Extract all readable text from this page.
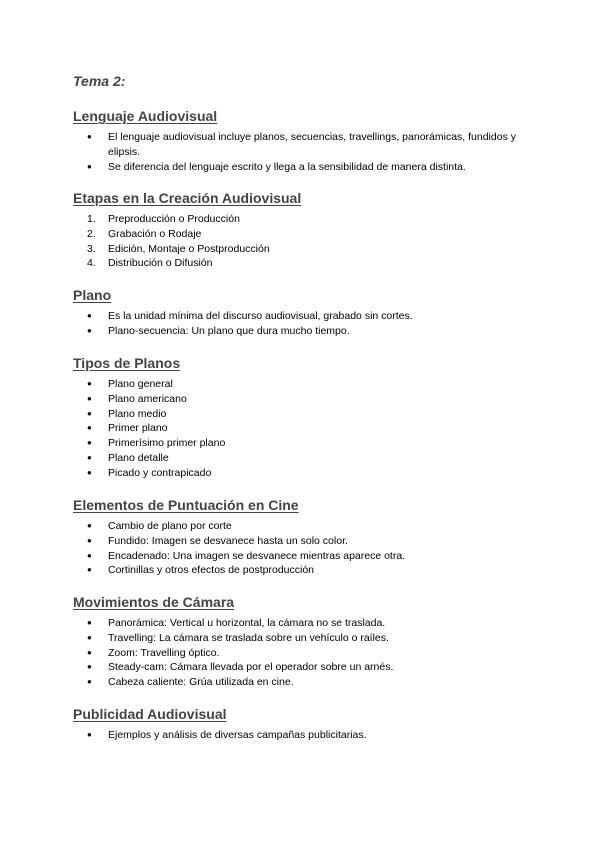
Tema 2:

Lenguaje Audiovisual
● El lenguaje audiovisual incluye planos, secuencias, travellings, panorámicas, fundidos y elipsis.
● Se diferencia del lenguaje escrito y llega a la sensibilidad de manera distinta.
Etapas en la Creación Audiovisual
1. Preproducción o Producción
2. Grabación o Rodaje
3. Edición, Montaje o Postproducción
4. Distribución o Difusión
Plano
● Es la unidad mínima del discurso audiovisual, grabado sin cortes.
● Plano-secuencia: Un plano que dura mucho tiempo.
Tipos de Planos
● Plano general
● Plano americano
● Plano medio
● Primer plano
● Primerísimo primer plano
● Plano detalle
● Picado y contrapicado
Elementos de Puntuación en Cine
● Cambio de plano por corte
● Fundido: Imagen se desvanece hasta un solo color.
● Encadenado: Una imagen se desvanece mientras aparece otra.
● Cortinillas y otros efectos de postproducción
Movimientos de Cámara
● Panorámica: Vertical u horizontal, la cámara no se traslada.
● Travelling: La cámara se traslada sobre un vehículo o raíles.
● Zoom: Travelling óptico.
● Steady-cam: Cámara llevada por el operador sobre un arnés.
● Cabeza caliente: Grúa utilizada en cine.
Publicidad Audiovisual
● Ejemplos y análisis de diversas campañas publicitarias.
